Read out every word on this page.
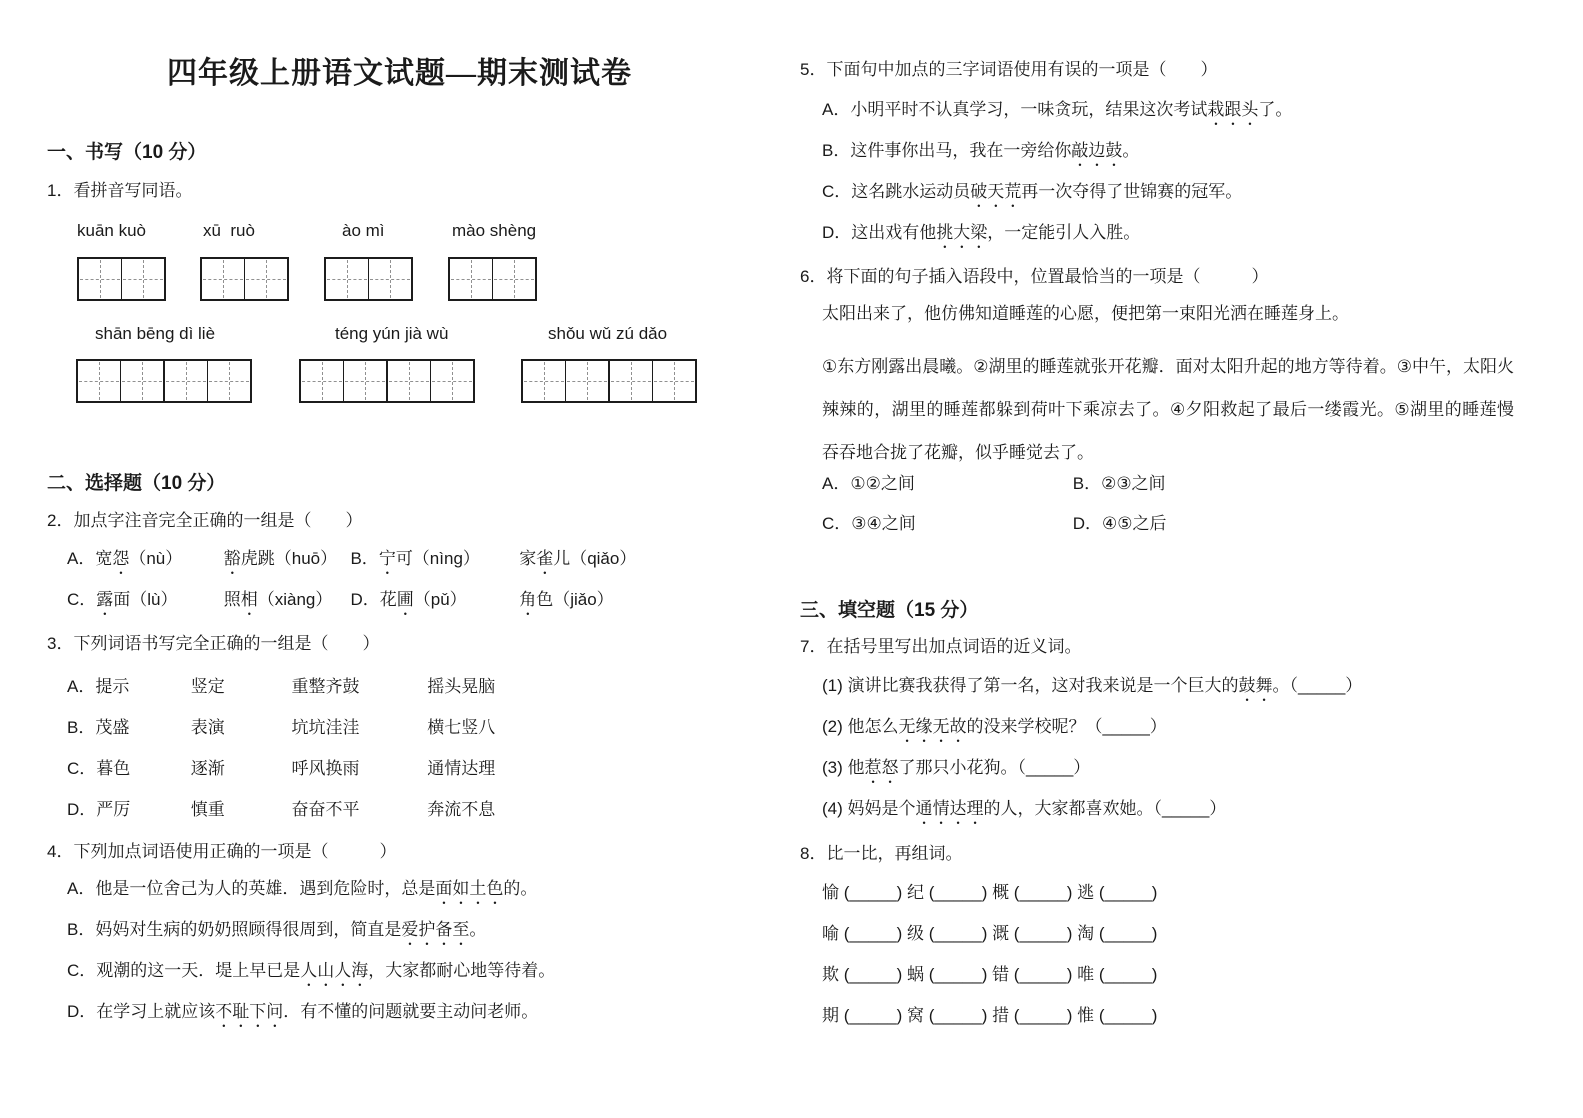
四年级上册语文试题—期末测试卷
一、书写（10 分）
1．看拼音写同语。
kuān kuò	xū  ruò	ào mì	mào shèng
shān bēng dì liè	téng yún jià wù	shǒu wǔ zú dǎo
二、选择题（10 分）
2．加点字注音完全正确的一组是（　　）
A．宽怨（nù） 豁虎跳（huō） B．宁可（nìng） 家雀儿（qiǎo）
C．露面（lù）	照相（xiàng） D．花圃（pǔ）	角色（jiǎo）
3．下列词语书写完全正确的一组是（　　）
A．提示	竖定	重整齐鼓	摇头晃脑
B．茂盛	表演	坑坑洼洼	横七竖八
C．暮色	逐渐	呼风换雨	通情达理
D．严厉	慎重	奋奋不平	奔流不息
4．下列加点词语使用正确的一项是（　　　）
A．他是一位舍己为人的英雄．遇到危险时，总是面如土色的。
B．妈妈对生病的奶奶照顾得很周到，简直是爱护备至。
C．观潮的这一天．堤上早已是人山人海，大家都耐心地等待着。
D．在学习上就应该不耻下问．有不懂的问题就要主动问老师。
5．下面句中加点的三字词语使用有误的一项是（　　）
A．小明平时不认真学习，一味贪玩，结果这次考试栽跟头了。
B．这件事你出马，我在一旁给你敲边鼓。
C．这名跳水运动员破天荒再一次夺得了世锦赛的冠军。
D．这出戏有他挑大梁，一定能引人入胜。
6．将下面的句子插入语段中，位置最恰当的一项是（　　　）
太阳出来了，他仿佛知道睡莲的心愿，便把第一束阳光洒在睡莲身上。
①东方刚露出晨曦。②湖里的睡莲就张开花瓣．面对太阳升起的地方等待着。③中午，太阳火辣辣的，湖里的睡莲都躲到荷叶下乘凉去了。④夕阳救起了最后一缕霞光。⑤湖里的睡莲慢吞吞地合拢了花瓣，似乎睡觉去了。
A．①②之间	B．②③之间
C．③④之间	D．④⑤之后
三、填空题（15 分）
7．在括号里写出加点词语的近义词。
(1) 演讲比赛我获得了第一名，这对我来说是一个巨大的鼓舞。（_____）
(2) 他怎么无缘无故的没来学校呢？（_____）
(3) 他惹怒了那只小花狗。（_____）
(4) 妈妈是个通情达理的人，大家都喜欢她。（_____）
8．比一比，再组词。
愉 (_____) 纪 (_____) 概 (_____) 逃 (_____)
喻 (_____) 级 (_____) 溉 (_____) 淘 (_____)
欺 (_____) 蜗 (_____) 错 (_____) 唯 (_____)
期 (_____) 窝 (_____) 措 (_____) 惟 (_____)
